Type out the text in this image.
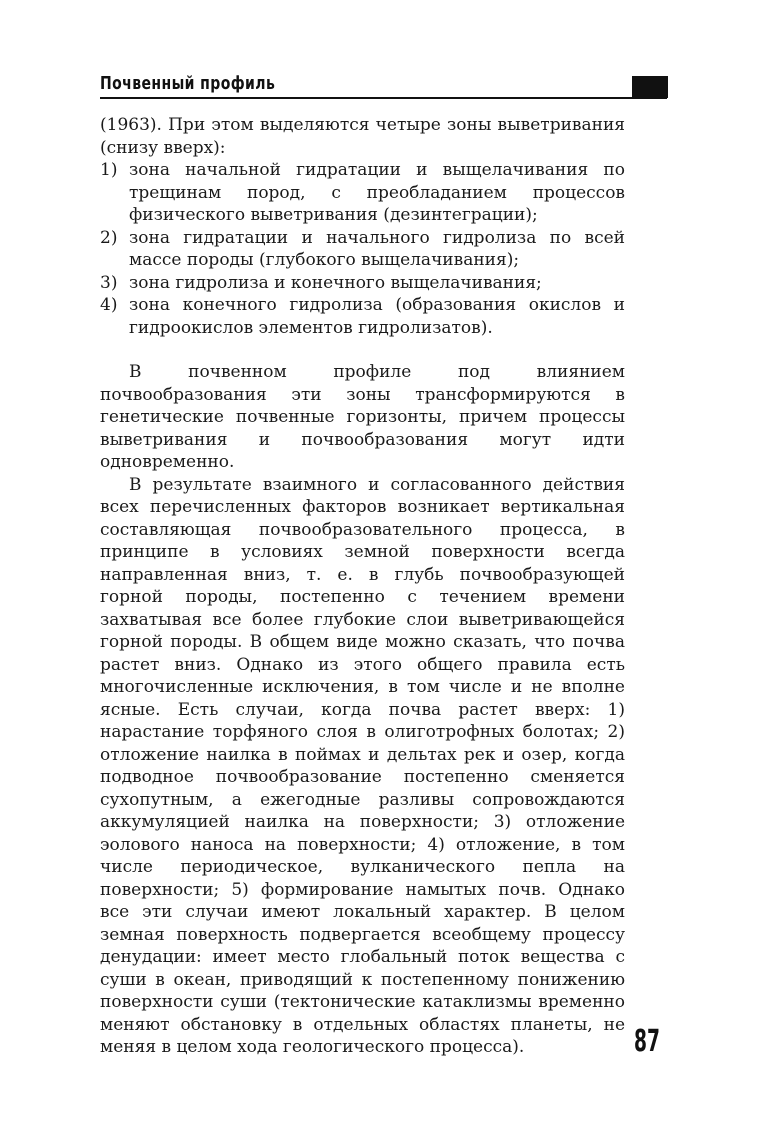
Почвенный профиль

(1963). При этом выделяются четыре зоны выветривания (снизу вверх):

1) зона начальной гидратации и выщелачивания по трещинам пород, с преобладанием процессов физического выветривания (дезинтеграции);
2) зона гидратации и начального гидролиза по всей массе породы (глубокого выщелачивания);
3) зона гидролиза и конечного выщелачивания;
4) зона конечного гидролиза (образования окислов и гидроокислов элементов гидролизатов).

В почвенном профиле под влиянием почвообразования эти зоны трансформируются в генетические почвенные горизонты, причем процессы выветривания и почвообразования могут идти одновременно.

В результате взаимного и согласованного действия всех перечисленных факторов возникает вертикальная составляющая почвообразовательного процесса, в принципе в условиях земной поверхности всегда направленная вниз, т. е. в глубь почвообразующей горной породы, постепенно с течением времени захватывая все более глубокие слои выветривающейся горной породы. В общем виде можно сказать, что почва растет вниз. Однако из этого общего правила есть многочисленные исключения, в том числе и не вполне ясные. Есть случаи, когда почва растет вверх: 1) нарастание торфяного слоя в олиготрофных болотах; 2) отложение наилка в поймах и дельтах рек и озер, когда подводное почвообразование постепенно сменяется сухопутным, а ежегодные разливы сопровождаются аккумуляцией наилка на поверхности; 3) отложение эолового наноса на поверхности; 4) отложение, в том числе периодическое, вулканического пепла на поверхности; 5) формирование намытых почв. Однако все эти случаи имеют локальный характер. В целом земная поверхность подвергается всеобщему процессу денудации: имеет место глобальный поток вещества с суши в океан, приводящий к постепенному понижению поверхности суши (тектонические катаклизмы временно меняют обстановку в отдельных областях планеты, не меняя в целом хода геологического процесса).	87
